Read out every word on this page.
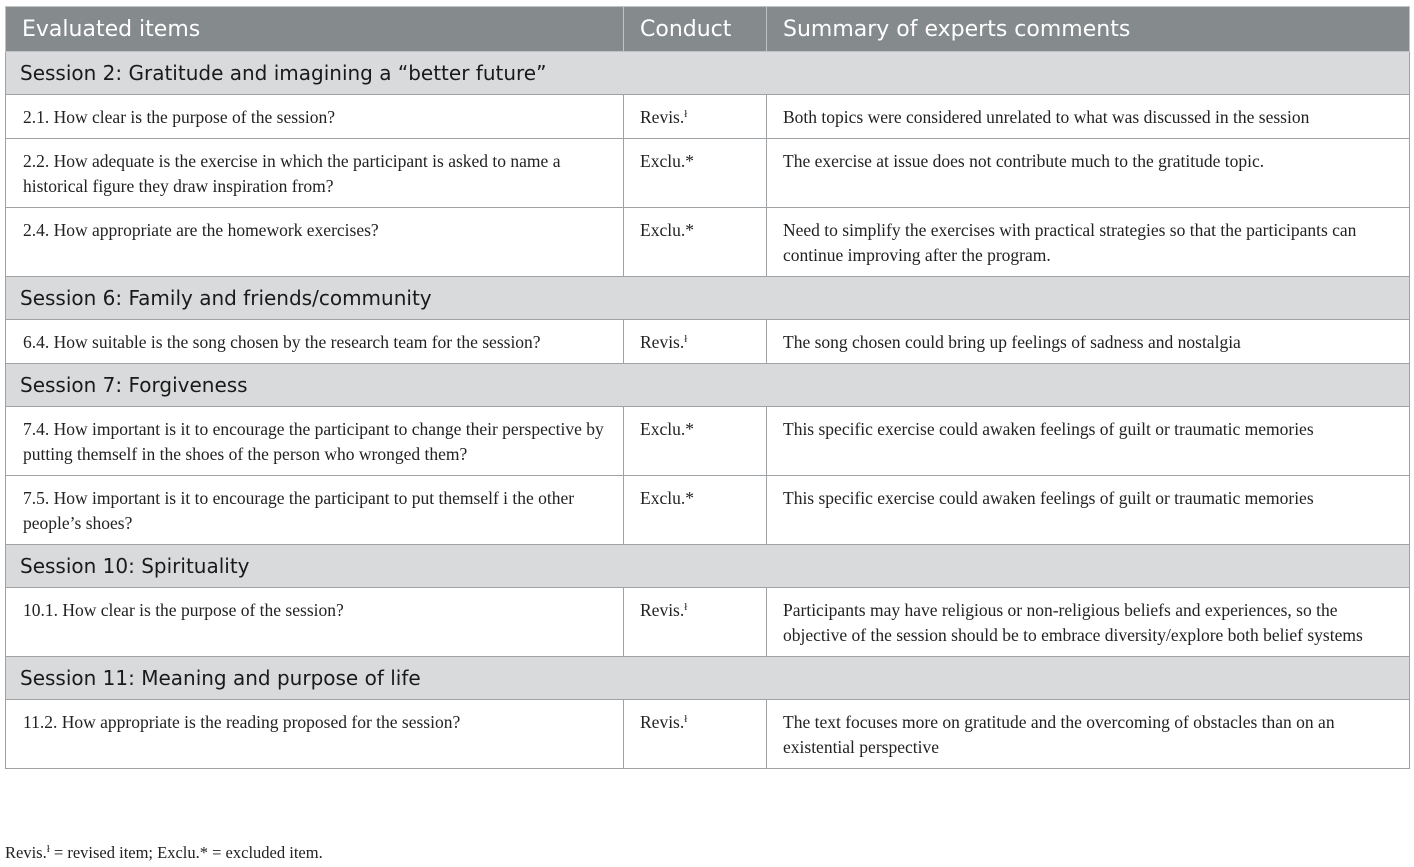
Evaluated items	Conduct	Summary of experts comments
Session 2: Gratitude and imagining a “better future”		
2.1. How clear is the purpose of the session?	Revis.$^ł$	Both topics were considered unrelated to what was discussed in the session
2.2. How adequate is the exercise in which the participant is asked to name a historical figure they draw inspiration from?	Exclu.*	The exercise at issue does not contribute much to the gratitude topic.
2.4. How appropriate are the homework exercises?	Exclu.*	Need to simplify the exercises with practical strategies so that the participants can continue improving after the program.
Session 6: Family and friends/community		
6.4. How suitable is the song chosen by the research team for the session?	Revis.$^ł$	The song chosen could bring up feelings of sadness and nostalgia
Session 7: Forgiveness		
7.4. How important is it to encourage the participant to change their perspective by putting themself in the shoes of the person who wronged them?	Exclu.*	This specific exercise could awaken feelings of guilt or traumatic memories
7.5. How important is it to encourage the participant to put themself i the other people’s shoes?	Exclu.*	This specific exercise could awaken feelings of guilt or traumatic memories
Session 10: Spirituality		
10.1. How clear is the purpose of the session?	Revis.$^ł$	Participants may have religious or non-religious beliefs and experiences, so the objective of the session should be to embrace diversity/explore both belief systems
Session 11: Meaning and purpose of life		
11.2. How appropriate is the reading proposed for the session?	Revis.$^ł$	The text focuses more on gratitude and the overcoming of obstacles than on an existential perspective
Revis.$^ł$ = revised item; Exclu.* = excluded item.
